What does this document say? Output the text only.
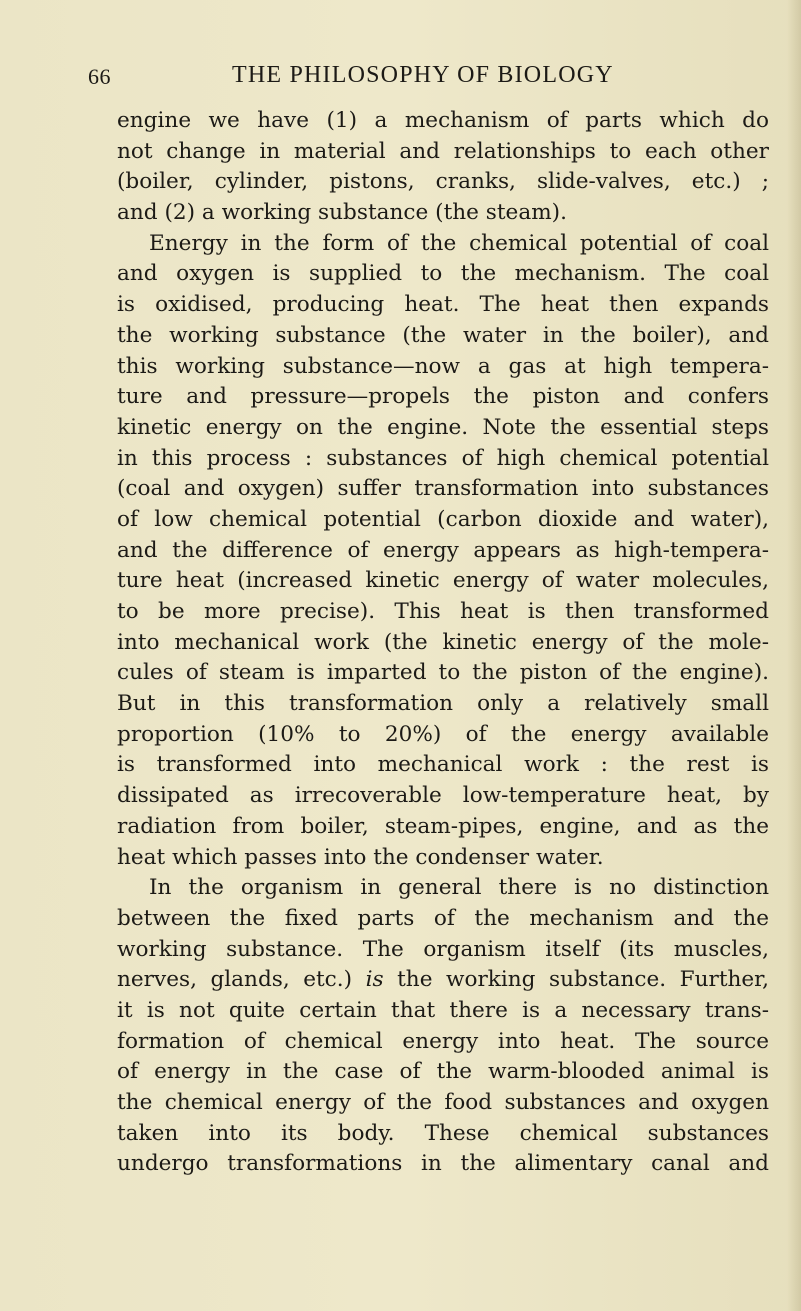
66	THE PHILOSOPHY OF BIOLOGY
engine we have (1) a mechanism of parts which do
not change in material and relationships to each other
(boiler, cylinder, pistons, cranks, slide-valves, etc.) ;
and (2) a working substance (the steam).
Energy in the form of the chemical potential of coal
and oxygen is supplied to the mechanism. The coal
is oxidised, producing heat. The heat then expands
the working substance (the water in the boiler), and
this working substance—now a gas at high tempera-
ture and pressure—propels the piston and confers
kinetic energy on the engine. Note the essential steps
in this process : substances of high chemical potential
(coal and oxygen) suffer transformation into substances
of low chemical potential (carbon dioxide and water),
and the difference of energy appears as high-tempera-
ture heat (increased kinetic energy of water molecules,
to be more precise). This heat is then transformed
into mechanical work (the kinetic energy of the mole-
cules of steam is imparted to the piston of the engine).
But in this transformation only a relatively small
proportion (10% to 20%) of the energy available
is transformed into mechanical work : the rest is
dissipated as irrecoverable low-temperature heat, by
radiation from boiler, steam-pipes, engine, and as the
heat which passes into the condenser water.
In the organism in general there is no distinction
between the fixed parts of the mechanism and the
working substance. The organism itself (its muscles,
nerves, glands, etc.) is the working substance. Further,
it is not quite certain that there is a necessary trans-
formation of chemical energy into heat. The source
of energy in the case of the warm-blooded animal is
the chemical energy of the food substances and oxygen
taken into its body. These chemical substances
undergo transformations in the alimentary canal and
